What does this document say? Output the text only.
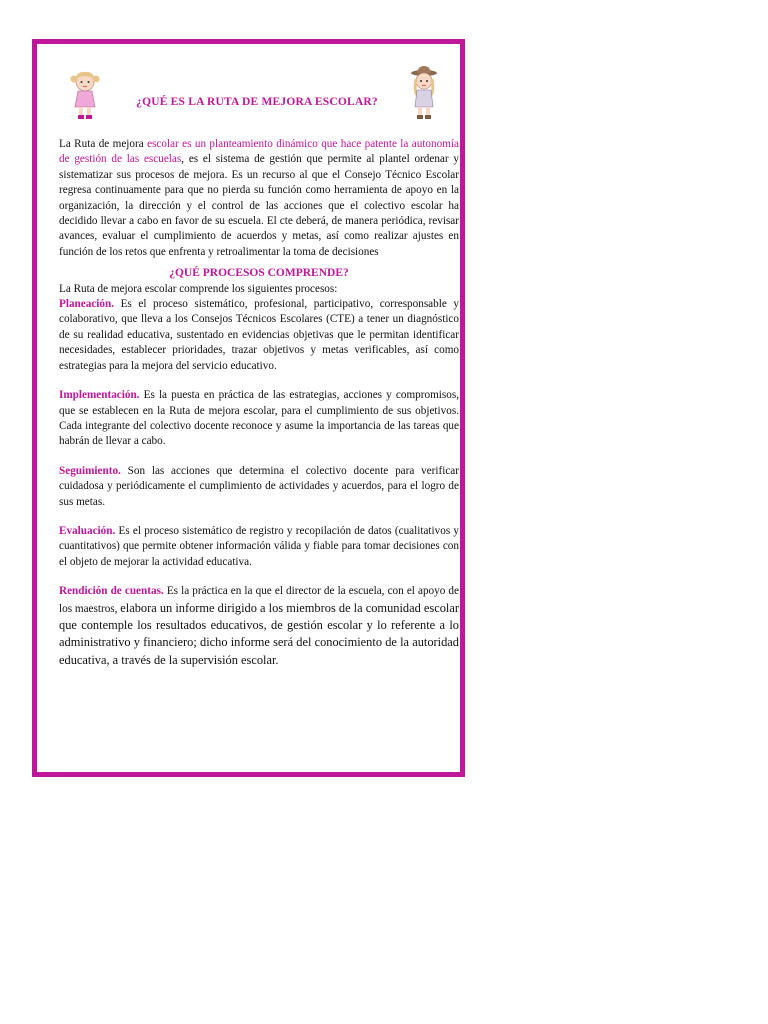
¿QUÉ ES LA RUTA DE MEJORA ESCOLAR?

La Ruta de mejora escolar es un planteamiento dinámico que hace patente la autonomía de gestión de las escuelas, es el sistema de gestión que permite al plantel ordenar y sistematizar sus procesos de mejora. Es un recurso al que el Consejo Técnico Escolar regresa continuamente para que no pierda su función como herramienta de apoyo en la organización, la dirección y el control de las acciones que el colectivo escolar ha decidido llevar a cabo en favor de su escuela. El cte deberá, de manera periódica, revisar avances, evaluar el cumplimiento de acuerdos y metas, así como realizar ajustes en función de los retos que enfrenta y retroalimentar la toma de decisiones

¿QUÉ PROCESOS COMPRENDE?

La Ruta de mejora escolar comprende los siguientes procesos:

Planeación. Es el proceso sistemático, profesional, participativo, corresponsable y colaborativo, que lleva a los Consejos Técnicos Escolares (CTE) a tener un diagnóstico de su realidad educativa, sustentado en evidencias objetivas que le permitan identificar necesidades, establecer prioridades, trazar objetivos y metas verificables, así como estrategias para la mejora del servicio educativo.

Implementación. Es la puesta en práctica de las estrategias, acciones y compromisos, que se establecen en la Ruta de mejora escolar, para el cumplimiento de sus objetivos. Cada integrante del colectivo docente reconoce y asume la importancia de las tareas que habrán de llevar a cabo.

Seguimiento. Son las acciones que determina el colectivo docente para verificar cuidadosa y periódicamente el cumplimiento de actividades y acuerdos, para el logro de sus metas.

Evaluación. Es el proceso sistemático de registro y recopilación de datos (cualitativos y cuantitativos) que permite obtener información válida y fiable para tomar decisiones con el objeto de mejorar la actividad educativa.

Rendición de cuentas. Es la práctica en la que el director de la escuela, con el apoyo de los maestros, elabora un informe dirigido a los miembros de la comunidad escolar que contemple los resultados educativos, de gestión escolar y lo referente a lo administrativo y financiero; dicho informe será del conocimiento de la autoridad educativa, a través de la supervisión escolar.
